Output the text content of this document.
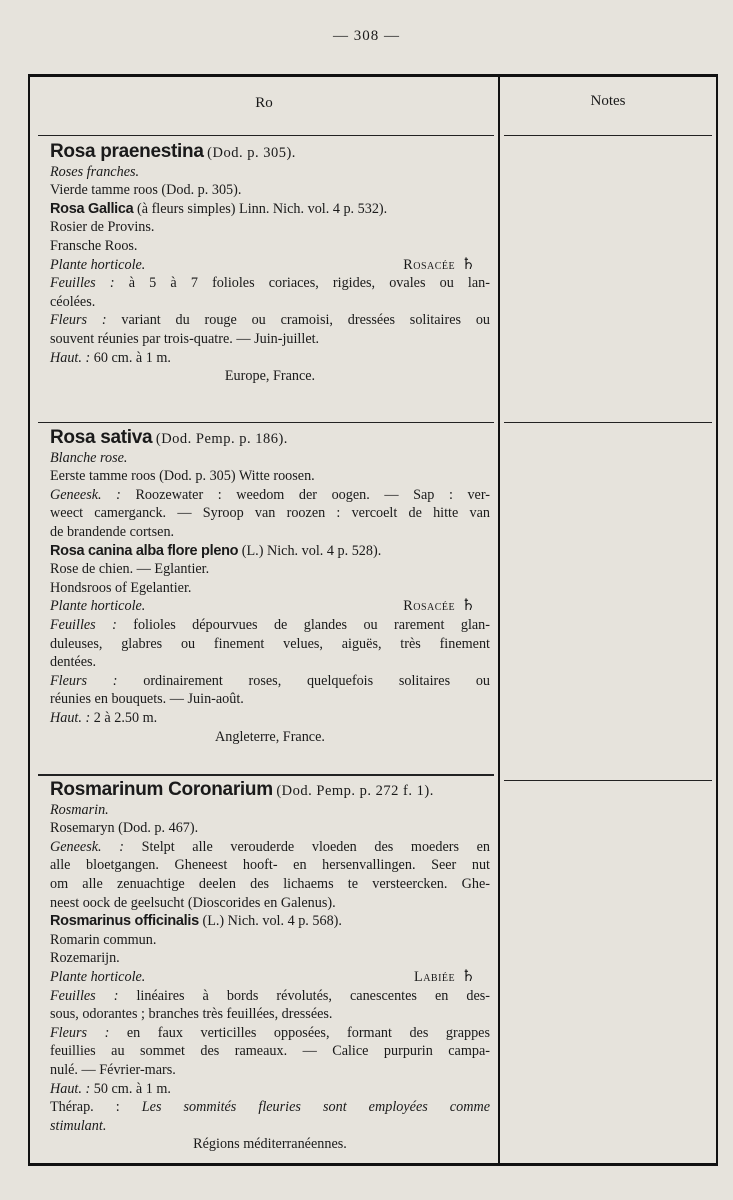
— 308 —
Ro	Notes
Rosa praenestina (Dod. p. 305).
Roses franches.
Vierde tamme roos (Dod. p. 305).
Rosa Gallica (à fleurs simples) Linn. Nich. vol. 4 p. 532).
Rosier de Provins.
Fransche Roos.
Plante horticole.	Rosacée ♄
Feuilles : à 5 à 7 folioles coriaces, rigides, ovales ou lan-
céolées.
Fleurs : variant du rouge ou cramoisi, dressées solitaires ou
souvent réunies par trois-quatre. — Juin-juillet.
Haut. : 60 cm. à 1 m.
Europe, France.
Rosa sativa (Dod. Pemp. p. 186).
Blanche rose.
Eerste tamme roos (Dod. p. 305) Witte roosen.
Geneesk. : Roozewater : weedom der oogen. — Sap : ver-
weect camerganck. — Syroop van roozen : vercoelt de hitte van
de brandende cortsen.
Rosa canina alba flore pleno (L.) Nich. vol. 4 p. 528).
Rose de chien. — Eglantier.
Hondsroos of Egelantier.
Plante horticole.	Rosacée ♄
Feuilles : folioles dépourvues de glandes ou rarement glan-
duleuses, glabres ou finement velues, aiguës, très finement
dentées.
Fleurs : ordinairement roses, quelquefois solitaires ou
réunies en bouquets. — Juin-août.
Haut. : 2 à 2.50 m.
Angleterre, France.
Rosmarinum Coronarium (Dod. Pemp. p. 272 f. 1).
Rosmarin.
Rosemaryn (Dod. p. 467).
Geneesk. : Stelpt alle verouderde vloeden des moeders en
alle bloetgangen. Gheneest hooft- en hersenvallingen. Seer nut
om alle zenuachtige deelen des lichaems te versteercken. Ghe-
neest oock de geelsucht (Dioscorides en Galenus).
Rosmarinus officinalis (L.) Nich. vol. 4 p. 568).
Romarin commun.
Rozemarijn.
Plante horticole.	Labiée ♄
Feuilles : linéaires à bords révolutés, canescentes en des-
sous, odorantes ; branches très feuillées, dressées.
Fleurs : en faux verticilles opposées, formant des grappes
feuillies au sommet des rameaux. — Calice purpurin campa-
nulé. — Février-mars.
Haut. : 50 cm. à 1 m.
Thérap. : Les sommités fleuries sont employées comme
stimulant.
Régions méditerranéennes.
